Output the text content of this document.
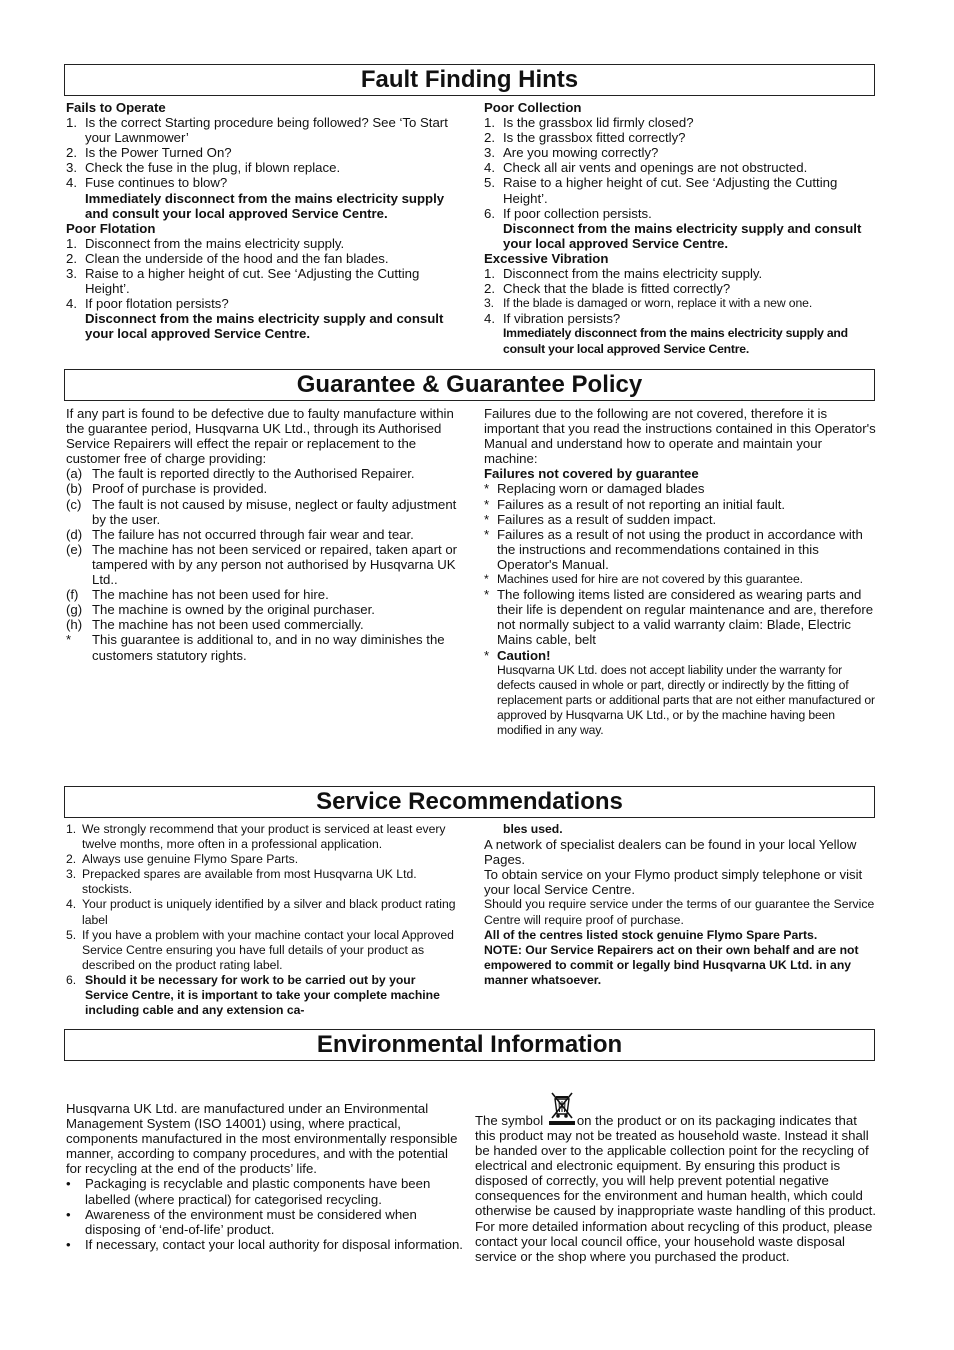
Fault Finding Hints
Fails to Operate
1. Is the correct Starting procedure being followed? See ‘To Start your Lawnmower’
2. Is the Power Turned On?
3. Check the fuse in the plug, if blown replace.
4. Fuse continues to blow?
Immediately disconnect from the mains electricity supply and consult your local approved Service Centre.
Poor Flotation
1. Disconnect from the mains electricity supply.
2. Clean the underside of the hood and the fan blades.
3. Raise to a higher height of cut. See ‘Adjusting the Cutting Height’.
4. If poor flotation persists?
Disconnect from the mains electricity supply and consult your local approved Service Centre.
Poor Collection
1. Is the grassbox lid firmly closed?
2. Is the grassbox fitted correctly?
3. Are you mowing correctly?
4. Check all air vents and openings are not obstructed.
5. Raise to a higher height of cut. See ‘Adjusting the Cutting Height’.
6. If poor collection persists.
Disconnect from the mains electricity supply and consult your local approved Service Centre.
Excessive Vibration
1. Disconnect from the mains electricity supply.
2. Check that the blade is fitted correctly?
3. If the blade is damaged or worn, replace it with a new one.
4. If vibration persists?
Immediately disconnect from the mains electricity supply and consult your local approved Service Centre.
Guarantee & Guarantee Policy

If any part is found to be defective due to faulty manufacture within the guarantee period, Husqvarna UK Ltd., through its Authorised Service Repairers will effect the repair or replacement to the customer free of charge providing:

(a) The fault is reported directly to the Authorised Repairer.
(b) Proof of purchase is provided.
(c) The fault is not caused by misuse, neglect or faulty adjustment by the user.
(d) The failure has not occurred through fair wear and tear.
(e) The machine has not been serviced or repaired, taken apart or tampered with by any person not authorised by Husqvarna UK Ltd..
(f) The machine has not been used for hire.
(g) The machine is owned by the original purchaser.
(h) The machine has not been used commercially.
* This guarantee is additional to, and in no way diminishes the customers statutory rights.

Failures due to the following are not covered, therefore it is important that you read the instructions contained in this Operator's Manual and understand how to operate and maintain your machine:

Failures not covered by guarantee
* Replacing worn or damaged blades
* Failures as a result of not reporting an initial fault.
* Failures as a result of sudden impact.
* Failures as a result of not using the product in accordance with the instructions and recommendations contained in this Operator's Manual.
* Machines used for hire are not covered by this guarantee.
* The following items listed are considered as wearing parts and their life is dependent on regular maintenance and are, therefore not normally subject to a valid warranty claim: Blade, Electric Mains cable, belt
* Caution!
Husqvarna UK Ltd. does not accept liability under the warranty for defects caused in whole or part, directly or indirectly by the fitting of replacement parts or additional parts that are not either manufactured or approved by Husqvarna UK Ltd., or by the machine having been modified in any way.
Service Recommendations
1. We strongly recommend that your product is serviced at least every twelve months, more often in a professional application.
2. Always use genuine Flymo Spare Parts.
3. Prepacked spares are available from most Husqvarna UK Ltd. stockists.
4. Your product is uniquely identified by a silver and black product rating label
5. If you have a problem with your machine contact your local Approved Service Centre ensuring you have full details of your product as described on the product rating label.
6. Should it be necessary for work to be carried out by your Service Centre, it is important to take your complete machine including cable and any extension ca-
bles used.

A network of specialist dealers can be found in your local Yellow Pages.

To obtain service on your Flymo product simply telephone or visit your local Service Centre.

Should you require service under the terms of our guarantee the Service Centre will require proof of purchase.

All of the centres listed stock genuine Flymo Spare Parts.

NOTE: Our Service Repairers act on their own behalf and are not empowered to commit or legally bind Husqvarna UK Ltd. in any manner whatsoever.

Environmental Information

Husqvarna UK Ltd. are manufactured under an Environmental Management System (ISO 14001) using, where practical, components manufactured in the most environmentally responsible manner, according to company procedures, and with the potential for recycling at the end of the products’ life.

• Packaging is recyclable and plastic components have been labelled (where practical) for categorised recycling.
• Awareness of the environment must be considered when disposing of ‘end-of-life’ product.
• If necessary, contact your local authority for disposal information.

The symbol	on the product or on its packaging indicates that this product may not be treated as household waste. Instead it shall be handed over to the applicable collection point for the recycling of electrical and electronic equipment. By ensuring this product is disposed of correctly, you will help prevent potential negative consequences for the environment and human health, which could otherwise be caused by inappropriate waste handling of this product.

For more detailed information about recycling of this product, please contact your local council office, your household waste disposal service or the shop where you purchased the product.
